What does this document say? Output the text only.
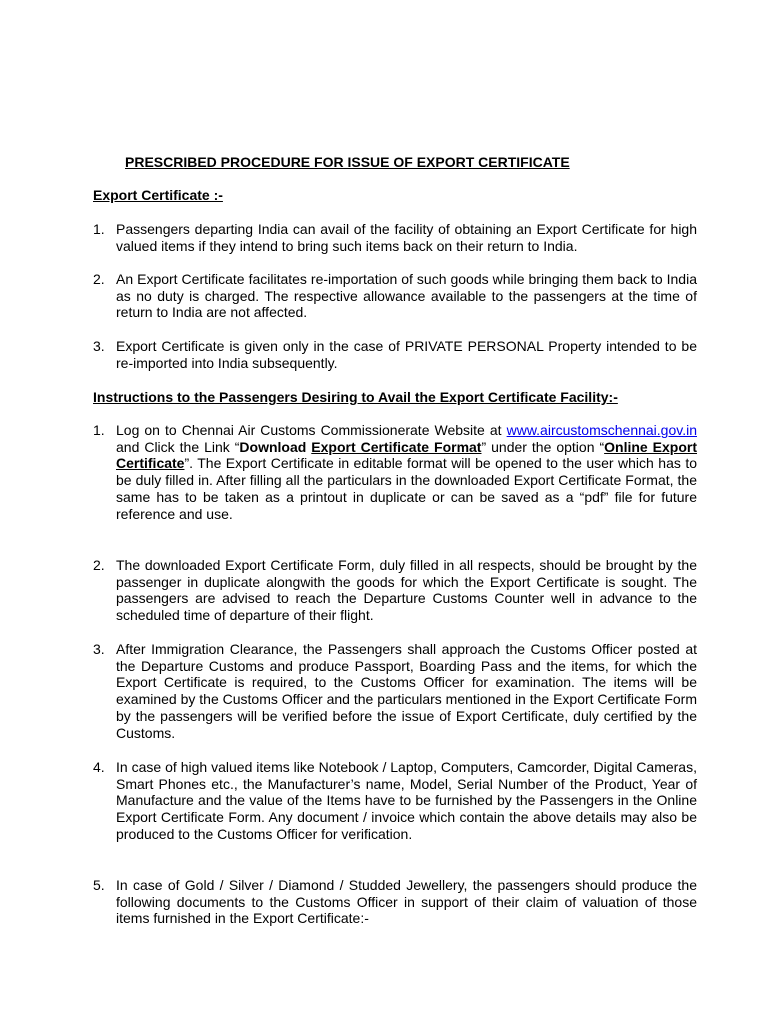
PRESCRIBED PROCEDURE FOR ISSUE OF EXPORT CERTIFICATE
Export Certificate :-
1. Passengers departing India can avail of the facility of obtaining an Export Certificate for high valued items if they intend to bring such items back on their return to India.
2. An Export Certificate facilitates re-importation of such goods while bringing them back to India as no duty is charged. The respective allowance available to the passengers at the time of return to India are not affected.
3. Export Certificate is given only in the case of PRIVATE PERSONAL Property intended to be re-imported into India subsequently.
Instructions to the Passengers Desiring to Avail the Export Certificate Facility:-
1. Log on to Chennai Air Customs Commissionerate Website at www.aircustomschennai.gov.in and Click the Link “Download Export Certificate Format” under the option “Online Export Certificate”. The Export Certificate in editable format will be opened to the user which has to be duly filled in. After filling all the particulars in the downloaded Export Certificate Format, the same has to be taken as a printout in duplicate or can be saved as a “pdf” file for future reference and use.
2. The downloaded Export Certificate Form, duly filled in all respects, should be brought by the passenger in duplicate alongwith the goods for which the Export Certificate is sought. The passengers are advised to reach the Departure Customs Counter well in advance to the scheduled time of departure of their flight.
3. After Immigration Clearance, the Passengers shall approach the Customs Officer posted at the Departure Customs and produce Passport, Boarding Pass and the items, for which the Export Certificate is required, to the Customs Officer for examination. The items will be examined by the Customs Officer and the particulars mentioned in the Export Certificate Form by the passengers will be verified before the issue of Export Certificate, duly certified by the Customs.
4. In case of high valued items like Notebook / Laptop, Computers, Camcorder, Digital Cameras, Smart Phones etc., the Manufacturer’s name, Model, Serial Number of the Product, Year of Manufacture and the value of the Items have to be furnished by the Passengers in the Online Export Certificate Form. Any document / invoice which contain the above details may also be produced to the Customs Officer for verification.
5. In case of Gold / Silver / Diamond / Studded Jewellery, the passengers should produce the following documents to the Customs Officer in support of their claim of valuation of those items furnished in the Export Certificate:-
